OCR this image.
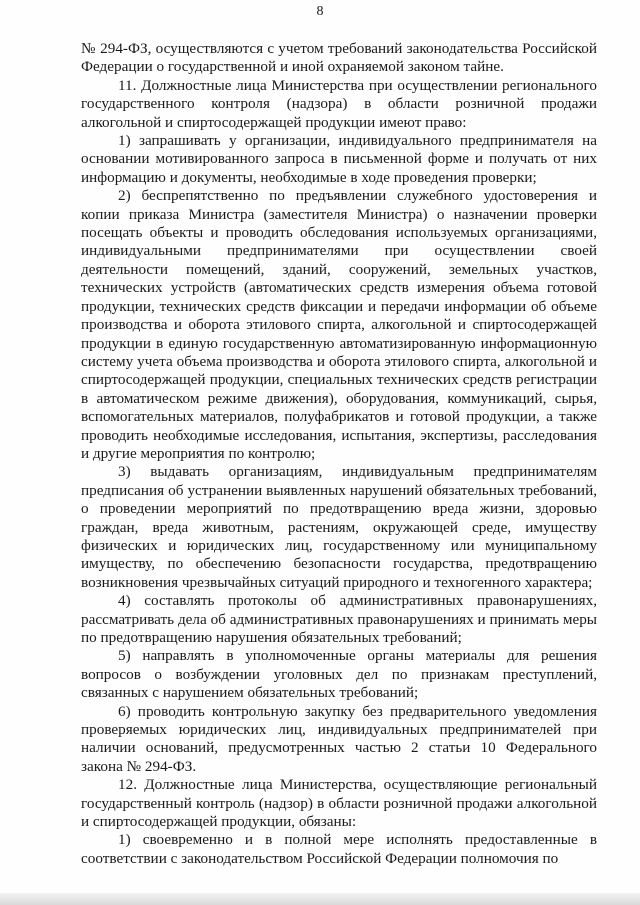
8

№ 294-ФЗ, осуществляются с учетом требований законодательства Российской Федерации о государственной и иной охраняемой законом тайне.

11. Должностные лица Министерства при осуществлении регионального государственного контроля (надзора) в области розничной продажи алкогольной и спиртосодержащей продукции имеют право:

1) запрашивать у организации, индивидуального предпринимателя на основании мотивированного запроса в письменной форме и получать от них информацию и документы, необходимые в ходе проведения проверки;

2) беспрепятственно по предъявлении служебного удостоверения и копии приказа Министра (заместителя Министра) о назначении проверки посещать объекты и проводить обследования используемых организациями, индивидуальными предпринимателями при осуществлении своей деятельности помещений, зданий, сооружений, земельных участков, технических устройств (автоматических средств измерения объема готовой продукции, технических средств фиксации и передачи информации об объеме производства и оборота этилового спирта, алкогольной и спиртосодержащей продукции в единую государственную автоматизированную информационную систему учета объема производства и оборота этилового спирта, алкогольной и спиртосодержащей продукции, специальных технических средств регистрации в автоматическом режиме движения), оборудования, коммуникаций, сырья, вспомогательных материалов, полуфабрикатов и готовой продукции, а также проводить необходимые исследования, испытания, экспертизы, расследования и другие мероприятия по контролю;

3) выдавать организациям, индивидуальным предпринимателям предписания об устранении выявленных нарушений обязательных требований, о проведении мероприятий по предотвращению вреда жизни, здоровью граждан, вреда животным, растениям, окружающей среде, имуществу физических и юридических лиц, государственному или муниципальному имуществу, по обеспечению безопасности государства, предотвращению возникновения чрезвычайных ситуаций природного и техногенного характера;

4) составлять протоколы об административных правонарушениях, рассматривать дела об административных правонарушениях и принимать меры по предотвращению нарушения обязательных требований;

5) направлять в уполномоченные органы материалы для решения вопросов о возбуждении уголовных дел по признакам преступлений, связанных с нарушением обязательных требований;

6) проводить контрольную закупку без предварительного уведомления проверяемых юридических лиц, индивидуальных предпринимателей при наличии оснований, предусмотренных частью 2 статьи 10 Федерального закона № 294-ФЗ.

12. Должностные лица Министерства, осуществляющие региональный государственный контроль (надзор) в области розничной продажи алкогольной и спиртосодержащей продукции, обязаны:

1) своевременно и в полной мере исполнять предоставленные в соответствии с законодательством Российской Федерации полномочия по
